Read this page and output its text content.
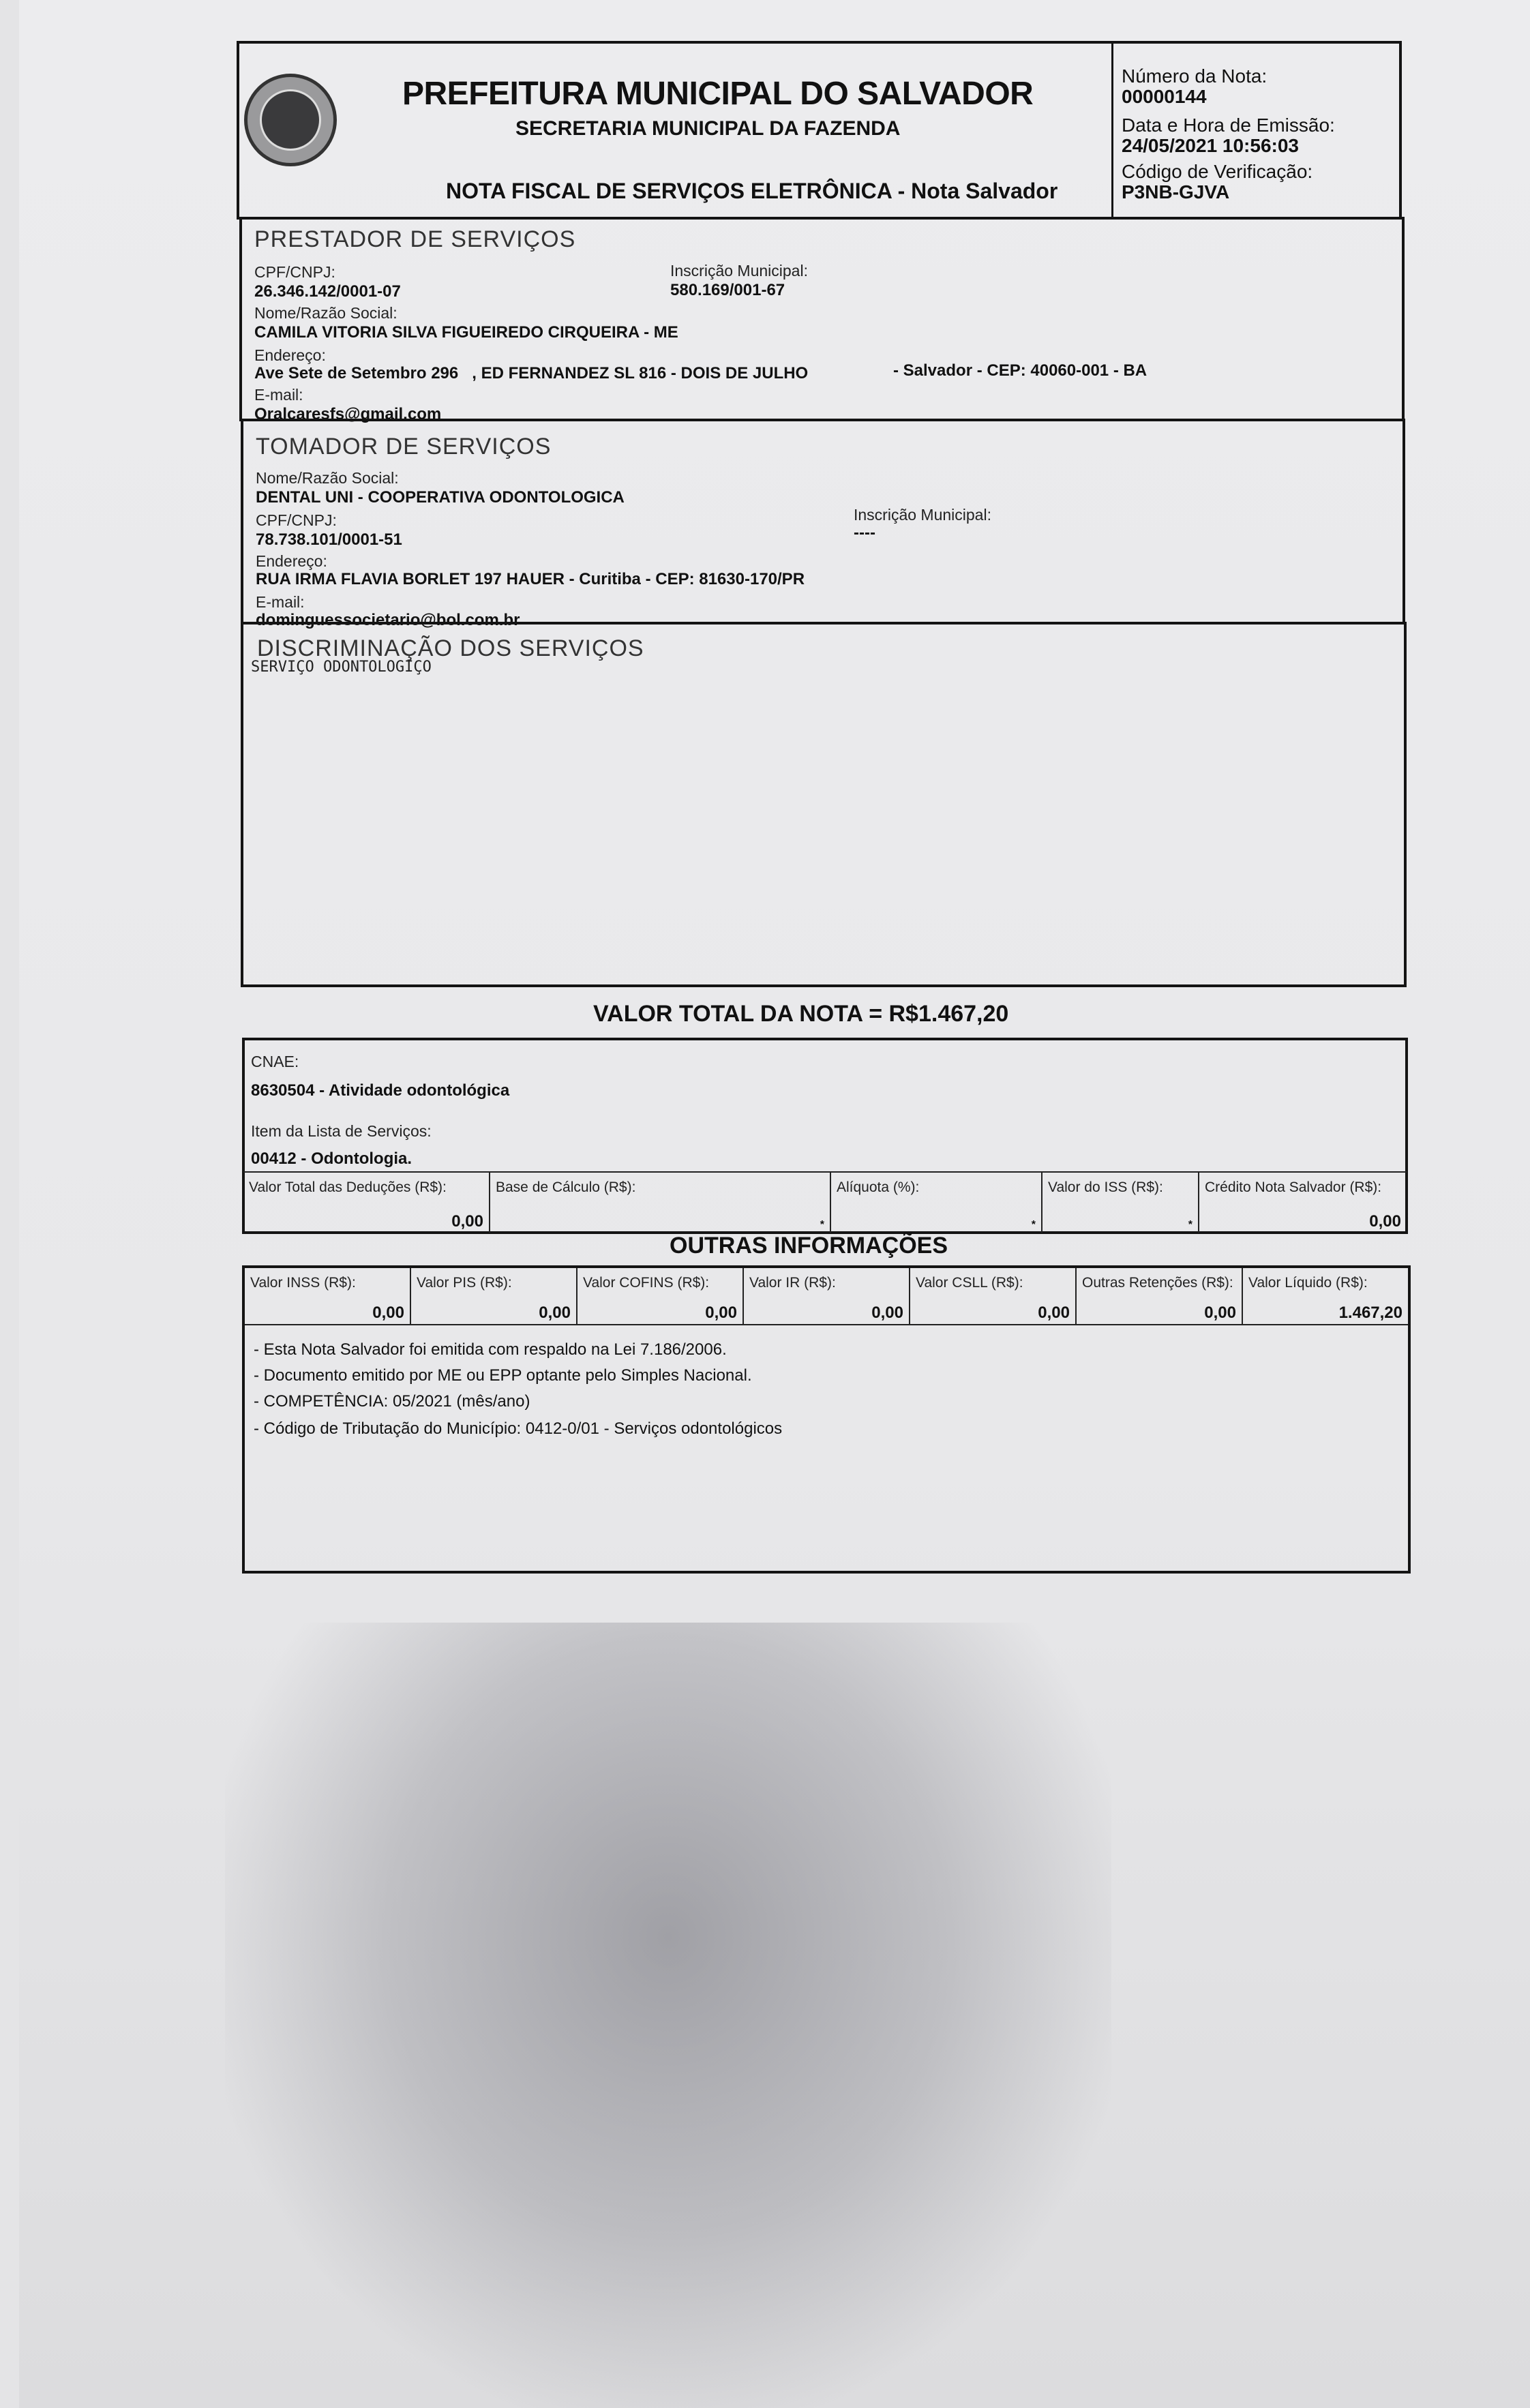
PREFEITURA MUNICIPAL DO SALVADOR
SECRETARIA MUNICIPAL DA FAZENDA
NOTA FISCAL DE SERVIÇOS ELETRÔNICA - Nota Salvador
Número da Nota:
00000144
Data e Hora de Emissão:
24/05/2021 10:56:03
Código de Verificação:
P3NB-GJVA
PRESTADOR DE SERVIÇOS
CPF/CNPJ:
26.346.142/0001-07
Inscrição Municipal:
580.169/001-67
Nome/Razão Social:
CAMILA VITORIA SILVA FIGUEIREDO CIRQUEIRA - ME
Endereço:
Ave Sete de Setembro 296   , ED FERNANDEZ SL 816 - DOIS DE JULHO	- Salvador - CEP: 40060-001 - BA
E-mail:
Oralcaresfs@gmail.com
TOMADOR DE SERVIÇOS
Nome/Razão Social:
DENTAL UNI - COOPERATIVA ODONTOLOGICA
CPF/CNPJ:
78.738.101/0001-51
Inscrição Municipal:
----
Endereço:
RUA IRMA FLAVIA BORLET 197 HAUER - Curitiba - CEP: 81630-170/PR
E-mail:
dominguessocietario@bol.com.br
DISCRIMINAÇÃO DOS SERVIÇOS
SERVIÇO ODONTOLOGIÇO
VALOR TOTAL DA NOTA = R$1.467,20
CNAE:
8630504 - Atividade odontológica
Item da Lista de Serviços:
00412 - Odontologia.
Valor Total das Deduções (R$):
0,00
Base de Cálculo (R$):
*
Alíquota (%):
*
Valor do ISS (R$):
*
Crédito Nota Salvador (R$):
0,00
OUTRAS INFORMAÇÕES
Valor INSS (R$):
0,00
Valor PIS (R$):
0,00
Valor COFINS (R$):
0,00
Valor IR (R$):
0,00
Valor CSLL (R$):
0,00
Outras Retenções (R$):
0,00
Valor Líquido (R$):
1.467,20
- Esta Nota Salvador foi emitida com respaldo na Lei 7.186/2006.
- Documento emitido por ME ou EPP optante pelo Simples Nacional.
- COMPETÊNCIA: 05/2021 (mês/ano)
- Código de Tributação do Município: 0412-0/01 - Serviços odontológicos
